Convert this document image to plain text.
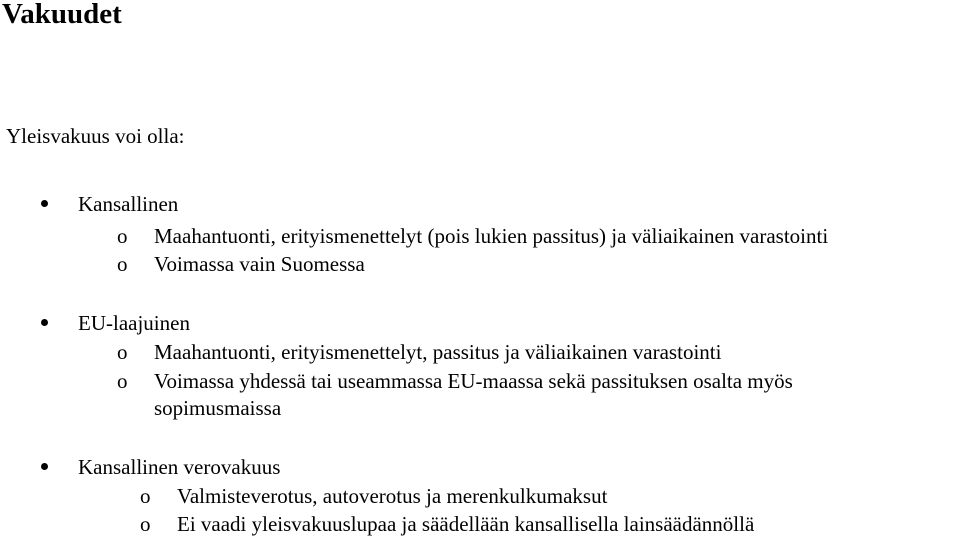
Vakuudet
Yleisvakuus voi olla:
Kansallinen
o Maahantuonti, erityismenettelyt (pois lukien passitus) ja väliaikainen varastointi
o Voimassa vain Suomessa
EU-laajuinen
o Maahantuonti, erityismenettelyt, passitus ja väliaikainen varastointi
o Voimassa yhdessä tai useammassa EU-maassa sekä passituksen osalta myös
sopimusmaissa
Kansallinen verovakuus
o Valmisteverotus, autoverotus ja merenkulkumaksut
o Ei vaadi yleisvakuuslupaa ja säädellään kansallisella lainsäädännöllä
